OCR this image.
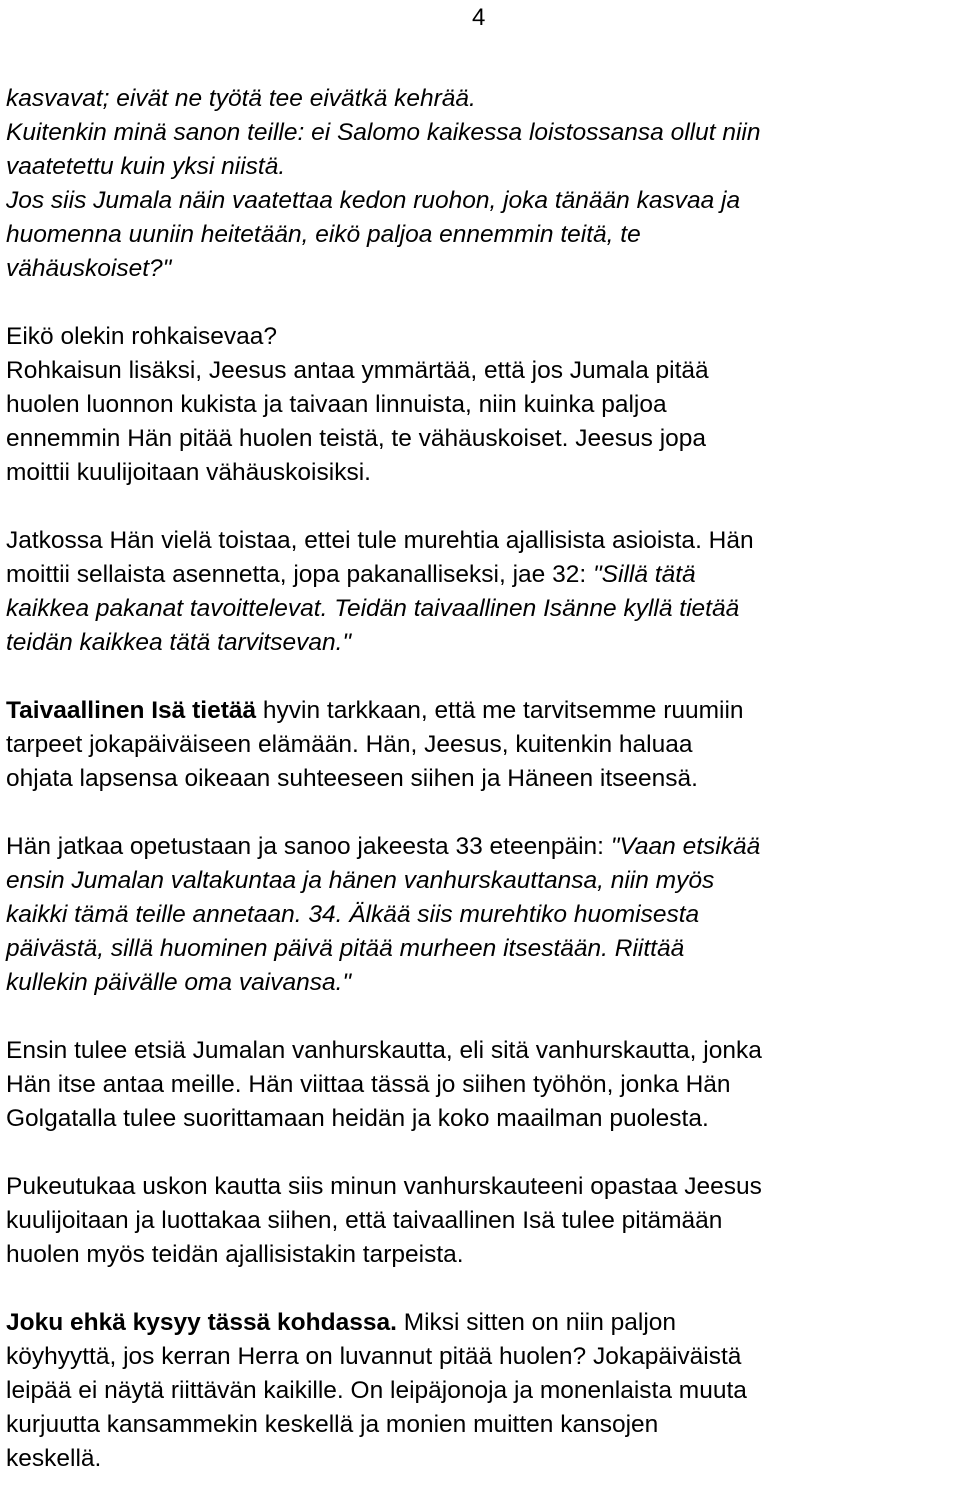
4

kasvavat; eivät ne työtä tee eivätkä kehrää.
Kuitenkin minä sanon teille: ei Salomo kaikessa loistossansa ollut niin
vaatetettu kuin yksi niistä.
Jos siis Jumala näin vaatettaa kedon ruohon, joka tänään kasvaa ja
huomenna uuniin heitetään, eikö paljoa ennemmin teitä, te
vähäuskoiset?"

Eikö olekin rohkaisevaa?
Rohkaisun lisäksi, Jeesus antaa ymmärtää, että jos Jumala pitää
huolen luonnon kukista ja taivaan linnuista, niin kuinka paljoa
ennemmin Hän pitää huolen teistä, te vähäuskoiset. Jeesus jopa
moittii kuulijoitaan vähäuskoisiksi.

Jatkossa Hän vielä toistaa, ettei tule murehtia ajallisista asioista. Hän
moittii sellaista asennetta, jopa pakanalliseksi, jae 32: "Sillä tätä
kaikkea pakanat tavoittelevat. Teidän taivaallinen Isänne kyllä tietää
teidän kaikkea tätä tarvitsevan."

Taivaallinen Isä tietää hyvin tarkkaan, että me tarvitsemme ruumiin
tarpeet jokapäiväiseen elämään. Hän, Jeesus, kuitenkin haluaa
ohjata lapsensa oikeaan suhteeseen siihen ja Häneen itseensä.

Hän jatkaa opetustaan ja sanoo jakeesta 33 eteenpäin: "Vaan etsikää
ensin Jumalan valtakuntaa ja hänen vanhurskauttansa, niin myös
kaikki tämä teille annetaan. 34. Älkää siis murehtiko huomisesta
päivästä, sillä huominen päivä pitää murheen itsestään. Riittää
kullekin päivälle oma vaivansa."

Ensin tulee etsiä Jumalan vanhurskautta, eli sitä vanhurskautta, jonka
Hän itse antaa meille. Hän viittaa tässä jo siihen työhön, jonka Hän
Golgatalla tulee suorittamaan heidän ja koko maailman puolesta.

Pukeutukaa uskon kautta siis minun vanhurskauteeni opastaa Jeesus
kuulijoitaan ja luottakaa siihen, että taivaallinen Isä tulee pitämään
huolen myös teidän ajallisistakin tarpeista.

Joku ehkä kysyy tässä kohdassa. Miksi sitten on niin paljon
köyhyyttä, jos kerran Herra on luvannut pitää huolen? Jokapäiväistä
leipää ei näytä riittävän kaikille. On leipäjonoja ja monenlaista muuta
kurjuutta kansammekin keskellä ja monien muitten kansojen
keskellä.
